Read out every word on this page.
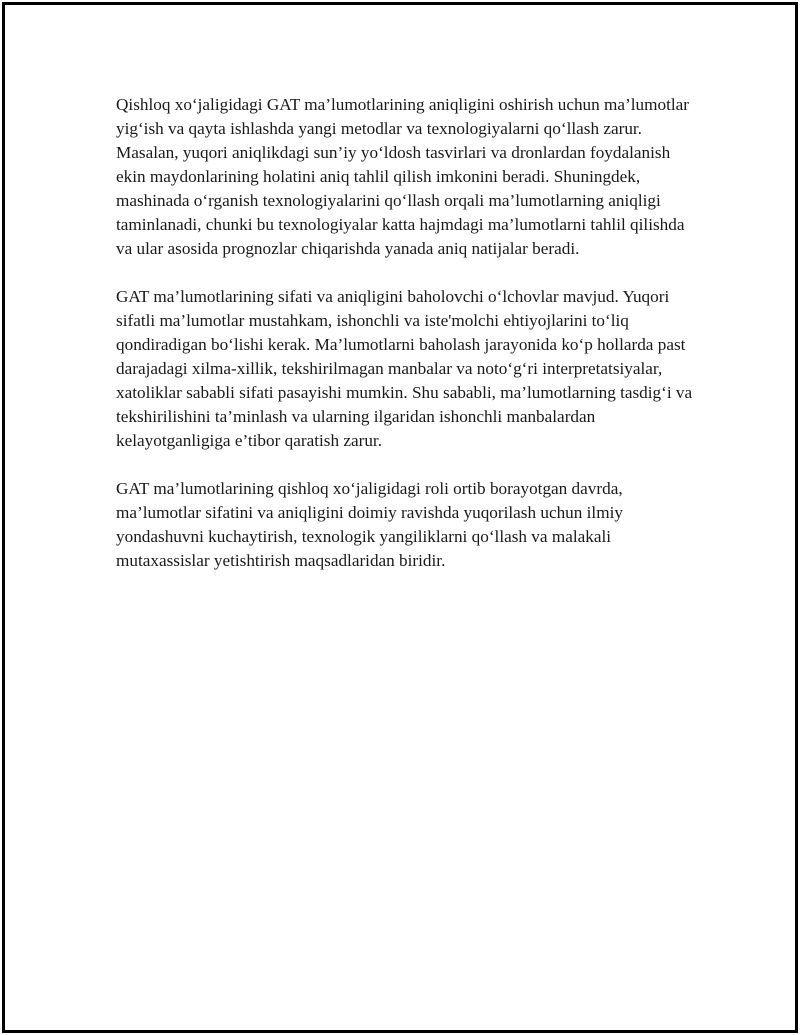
Qishloq xo‘jaligidagi GAT ma’lumotlarining aniqligini oshirish uchun ma’lumotlar yig‘ish va qayta ishlashda yangi metodlar va texnologiyalarni qo‘llash zarur. Masalan, yuqori aniqlikdagi sun’iy yo‘ldosh tasvirlari va dronlardan foydalanish ekin maydonlarining holatini aniq tahlil qilish imkonini beradi. Shuningdek, mashinada o‘rganish texnologiyalarini qo‘llash orqali ma’lumotlarning aniqligi taminlanadi, chunki bu texnologiyalar katta hajmdagi ma’lumotlarni tahlil qilishda va ular asosida prognozlar chiqarishda yanada aniq natijalar beradi.

GAT ma’lumotlarining sifati va aniqligini baholovchi o‘lchovlar mavjud. Yuqori sifatli ma’lumotlar mustahkam, ishonchli va iste'molchi ehtiyojlarini to‘liq qondiradigan bo‘lishi kerak. Ma’lumotlarni baholash jarayonida ko‘p hollarda past darajadagi xilma-xillik, tekshirilmagan manbalar va noto‘g‘ri interpretatsiyalar, xatoliklar sababli sifati pasayishi mumkin. Shu sababli, ma’lumotlarning tasdig‘i va tekshirilishini ta’minlash va ularning ilgaridan ishonchli manbalardan kelayotganligiga e’tibor qaratish zarur.

GAT ma’lumotlarining qishloq xo‘jaligidagi roli ortib borayotgan davrda, ma’lumotlar sifatini va aniqligini doimiy ravishda yuqorilash uchun ilmiy yondashuvni kuchaytirish, texnologik yangiliklarni qo‘llash va malakali mutaxassislar yetishtirish maqsadlaridan biridir.
